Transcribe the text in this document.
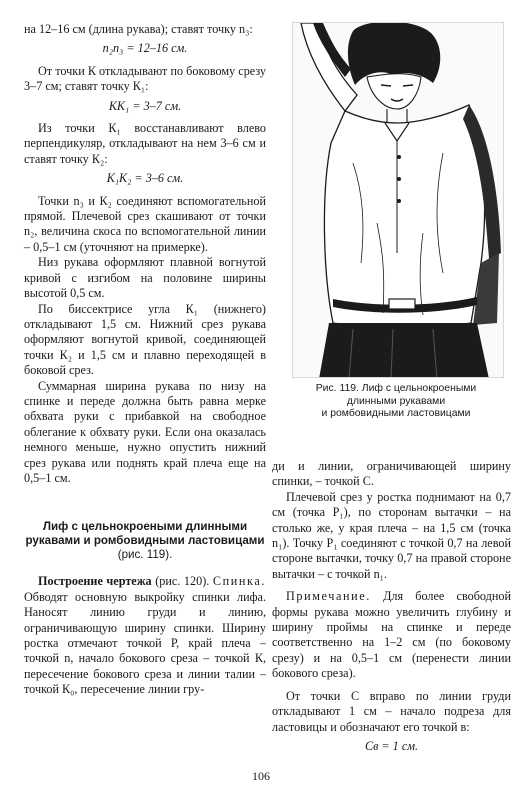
на 12–16 см (длина рукава); ставят точку n₃:

n₂n₃ = 12–16 см.

От точки К откладывают по боковому срезу 3–7 см; ставят точку К₁:

КК₁ = 3–7 см.

Из точки К₁ восстанавливают влево перпендикуляр, откладывают на нем 3–6 см и ставят точку К₂:

К₁К₂ = 3–6 см.

Точки n₃ и К₂ соединяют вспомогательной прямой. Плечевой срез скашивают от точки n₂, величина скоса по вспомогательной линии – 0,5–1 см (уточняют на примерке).

Низ рукава оформляют плавной вогнутой кривой с изгибом на половине ширины высотой 0,5 см.

По биссектрисе угла К₁ (нижнего) откладывают 1,5 см. Нижний срез рукава оформляют вогнутой кривой, соединяющей точки К₂ и 1,5 см и плавно переходящей в боковой срез.

Суммарная ширина рукава по низу на спинке и переде должна быть равна мерке обхвата руки с прибавкой на свободное облегание к обхвату руки. Если она оказалась немного меньше, нужно опустить нижний срез рукава или поднять край плеча еще на 0,5–1 см.

Лиф с цельнокроеными длинными рукавами и ромбовидными ластовицами (рис. 119).

Построение чертежа (рис. 120). Спинка. Обводят основную выкройку спинки лифа. Наносят линию груди и линию, ограничивающую ширину спинки. Ширину ростка отмечают точкой Р, край плеча – точкой n, начало бокового среза – точкой К, пересечение бокового среза и линии талии – точкой К₀, пересечение линии гру-

Рис. 119. Лиф с цельнокроеными
длинными рукавами
и ромбовидными ластовицами

ди и линии, ограничивающей ширину спинки, – точкой С.

Плечевой срез у ростка поднимают на 0,7 см (точка Р₁), по сторонам вытачки – на столько же, у края плеча – на 1,5 см (точка n₁). Точку Р₁ соединяют с точкой 0,7 на левой стороне вытачки, точку 0,7 на правой стороне вытачки – с точкой n₁.

Примечание. Для более свободной формы рукава можно увеличить глубину и ширину проймы на спинке и переде соответственно на 1–2 см (по боковому срезу) и на 0,5–1 см (перенести линии бокового среза).

От точки С вправо по линии груди откладывают 1 см – начало подреза для ластовицы и обозначают его точкой в:

Св = 1 см.

106
